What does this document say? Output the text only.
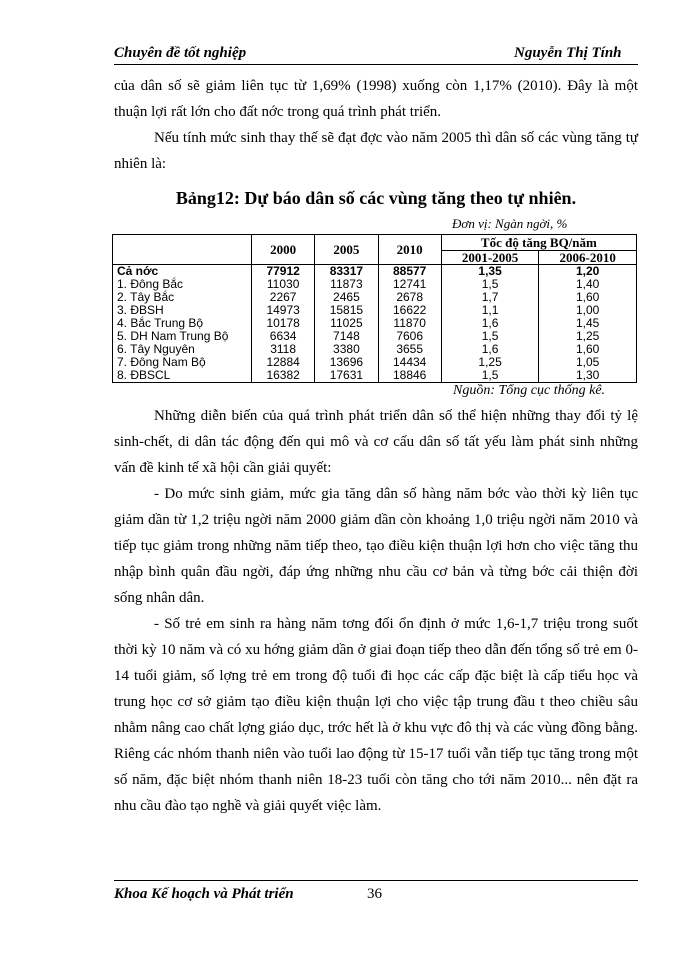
Chuyên đề tốt nghiệp	Nguyễn Thị Tính

của dân số sẽ giảm liên tục từ 1,69% (1998) xuống còn 1,17% (2010). Đây là một thuận lợi rất lớn cho đất nớc trong quá trình phát triển.

Nếu tính mức sinh thay thế sẽ đạt đợc vào năm 2005 thì dân số các vùng tăng tự nhiên là:

Bảng12: Dự báo dân số các vùng tăng theo tự nhiên.
Đơn vị: Ngàn ngời, %
	2000	2005	2010	Tốc độ tăng BQ/năm	
				2001-2005	2006-2010
Cả nớc	77912	83317	88577	1,35	1,20
1. Đông Bắc	11030	11873	12741	1,5	1,40
2. Tây Bắc	2267	2465	2678	1,7	1,60
3. ĐBSH	14973	15815	16622	1,1	1,00
4. Bắc Trung Bộ	10178	11025	11870	1,6	1,45
5. DH Nam Trung Bộ	6634	7148	7606	1,5	1,25
6. Tây Nguyên	3118	3380	3655	1,6	1,60
7. Đông Nam Bộ	12884	13696	14434	1,25	1,05
8. ĐBSCL	16382	17631	18846	1,5	1,30
Nguồn: Tổng cục thống kê.

Những diễn biến của quá trình phát triển dân số thể hiện những thay đổi tỷ lệ sinh-chết, di dân tác động đến qui mô và cơ cấu dân số tất yếu làm phát sinh những vấn đề kinh tế xã hội cần giải quyết:

- Do mức sinh giảm, mức gia tăng dân số hàng năm bớc vào thời kỳ liên tục giảm dần từ 1,2 triệu ngời năm 2000 giảm dần còn khoảng 1,0 triệu ngời năm 2010 và tiếp tục giảm trong những năm tiếp theo, tạo điều kiện thuận lợi hơn cho việc tăng thu nhập bình quân đầu ngời, đáp ứng những nhu cầu cơ bản và từng bớc cải thiện đời sống nhân dân.

- Số trẻ em sinh ra hàng năm tơng đối ổn định ở mức 1,6-1,7 triệu trong suốt thời kỳ 10 năm và có xu hớng giảm dần ở giai đoạn tiếp theo dẫn đến tổng số trẻ em 0-14 tuổi giảm, số lợng trẻ em trong độ tuổi đi học các cấp đặc biệt là cấp tiểu học và trung học cơ sở giảm tạo điều kiện thuận lợi cho việc tập trung đầu t theo chiều sâu nhằm nâng cao chất lợng giáo dục, trớc hết là ở khu vực đô thị và các vùng đồng bằng. Riêng các nhóm thanh niên vào tuổi lao động từ 15-17 tuổi vẫn tiếp tục tăng trong một số năm, đặc biệt nhóm thanh niên 18-23 tuổi còn tăng cho tới năm 2010... nên đặt ra nhu cầu đào tạo nghề và giải quyết việc làm.

Khoa Kế hoạch và Phát triển	36
